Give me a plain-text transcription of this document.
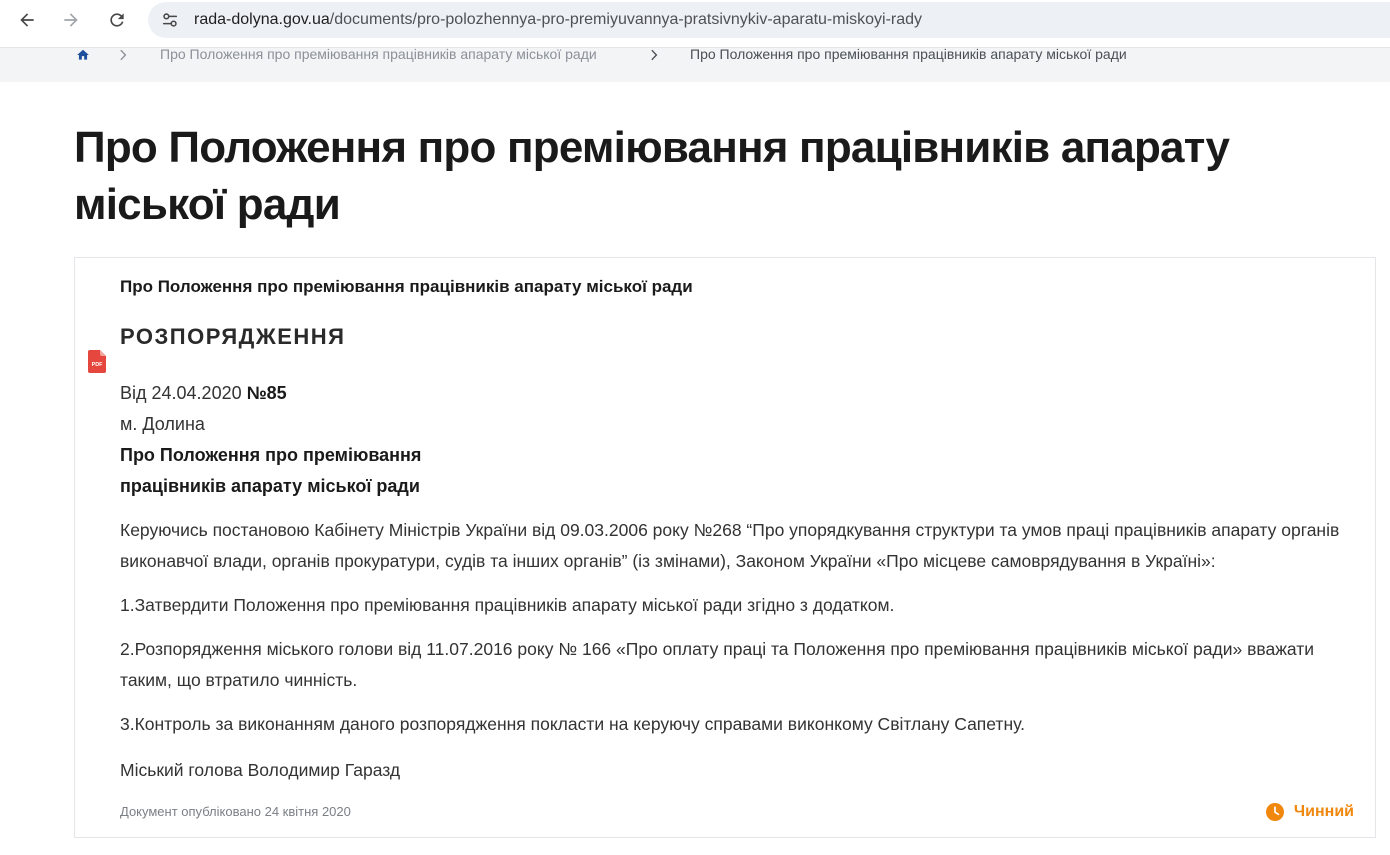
rada-dolyna.gov.ua/documents/pro-polozhennya-pro-premiyuvannya-pratsivnykiv-aparatu-miskoyi-rady
Про Положення про преміювання працівників апарату міської ради	Про Положення про преміювання працівників апарату міської ради
Про Положення про преміювання працівників апарату міської ради
PDF
Про Положення про преміювання працівників апарату міської ради
РОЗПОРЯДЖЕННЯ
Від 24.04.2020 №85
м. Долина
Про Положення про преміювання
працівників апарату міської ради

Керуючись постановою Кабінету Міністрів України від 09.03.2006 року №268 “Про упорядкування структури та умов праці працівників апарату органів виконавчої влади, органів прокуратури, судів та інших органів” (із змінами), Законом України «Про місцеве самоврядування в Україні»:

1.Затвердити Положення про преміювання працівників апарату міської ради згідно з додатком.

2.Розпорядження міського голови від 11.07.2016 року № 166 «Про оплату праці та Положення про преміювання працівників міської ради» вважати таким, що втратило чинність.

3.Контроль за виконанням даного розпорядження покласти на керуючу справами виконкому Світлану Сапетну.

Міський голова Володимир Гаразд

Документ опубліковано 24 квітня 2020	Чинний
